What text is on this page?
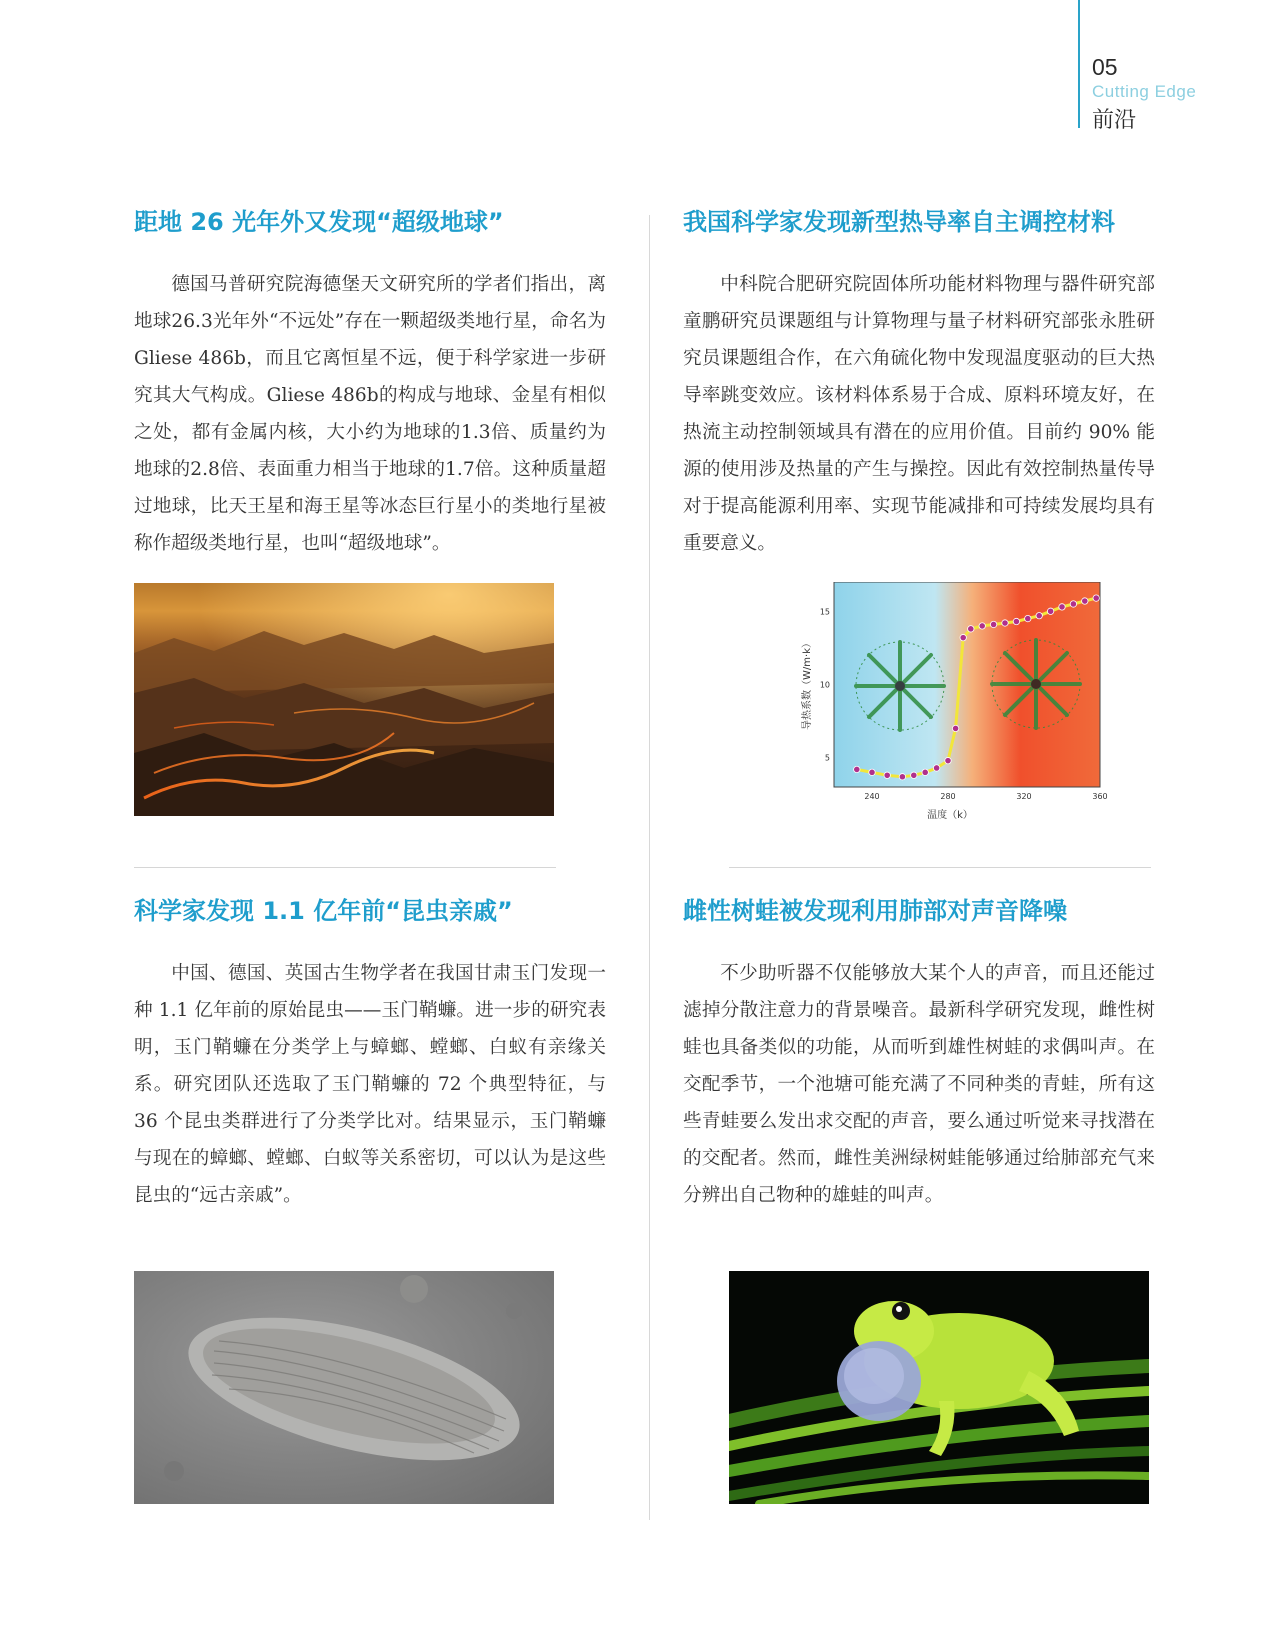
05
Cutting Edge
前沿
距地 26 光年外又发现“超级地球”

德国马普研究院海德堡天文研究所的学者们指出，离地球26.3光年外“不远处”存在一颗超级类地行星，命名为Gliese 486b，而且它离恒星不远，便于科学家进一步研究其大气构成。Gliese 486b的构成与地球、金星有相似之处，都有金属内核，大小约为地球的1.3倍、质量约为地球的2.8倍、表面重力相当于地球的1.7倍。这种质量超过地球，比天王星和海王星等冰态巨行星小的类地行星被称作超级类地行星，也叫“超级地球”。

我国科学家发现新型热导率自主调控材料

中科院合肥研究院固体所功能材料物理与器件研究部童鹏研究员课题组与计算物理与量子材料研究部张永胜研究员课题组合作，在六角硫化物中发现温度驱动的巨大热导率跳变效应。该材料体系易于合成、原料环境友好，在热流主动控制领域具有潜在的应用价值。目前约 90% 能源的使用涉及热量的产生与操控。因此有效控制热量传导对于提高能源利用率、实现节能减排和可持续发展均具有重要意义。

240	280	320	360
5
10
15
温度（k）
导热系数（W/m·k）
科学家发现 1.1 亿年前“昆虫亲戚”

中国、德国、英国古生物学者在我国甘肃玉门发现一种 1.1 亿年前的原始昆虫——玉门鞘蠊。进一步的研究表明，玉门鞘蠊在分类学上与蟑螂、螳螂、白蚁有亲缘关系。研究团队还选取了玉门鞘蠊的 72 个典型特征，与 36 个昆虫类群进行了分类学比对。结果显示，玉门鞘蠊与现在的蟑螂、螳螂、白蚁等关系密切，可以认为是这些昆虫的“远古亲戚”。

雌性树蛙被发现利用肺部对声音降噪

不少助听器不仅能够放大某个人的声音，而且还能过滤掉分散注意力的背景噪音。最新科学研究发现，雌性树蛙也具备类似的功能，从而听到雄性树蛙的求偶叫声。在交配季节，一个池塘可能充满了不同种类的青蛙，所有这些青蛙要么发出求交配的声音，要么通过听觉来寻找潜在的交配者。然而，雌性美洲绿树蛙能够通过给肺部充气来分辨出自己物种的雄蛙的叫声。
